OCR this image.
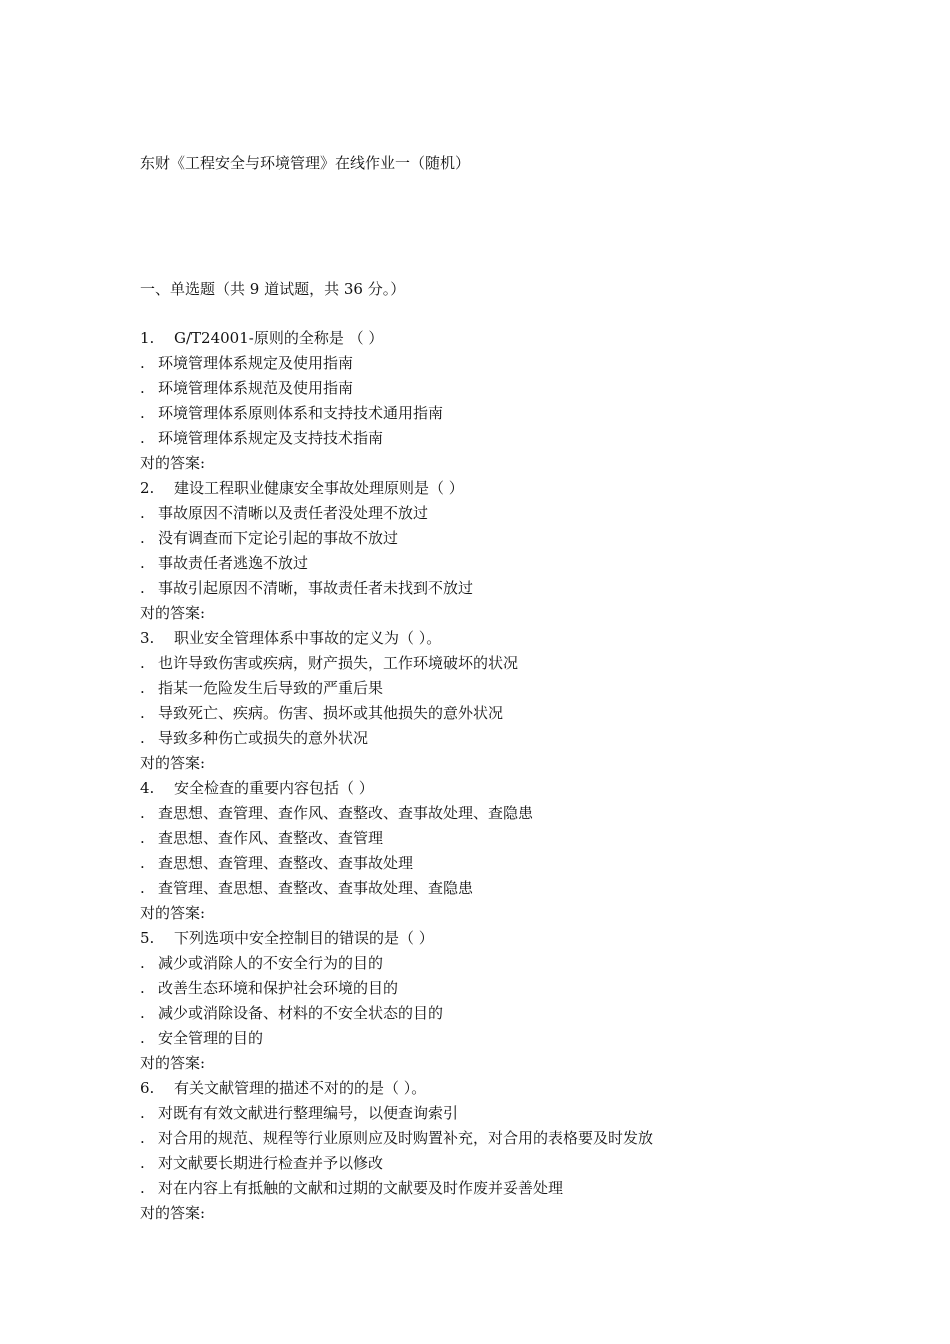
东财《工程安全与环境管理》在线作业一（随机）
一、单选题（共 9 道试题，共 36 分。）
1. G/T24001-原则的全称是 （ ）
. 环境管理体系规定及使用指南
. 环境管理体系规范及使用指南
. 环境管理体系原则体系和支持技术通用指南
. 环境管理体系规定及支持技术指南
对的答案:
2. 建设工程职业健康安全事故处理原则是（ ）
. 事故原因不清晰以及责任者没处理不放过
. 没有调查而下定论引起的事故不放过
. 事故责任者逃逸不放过
. 事故引起原因不清晰，事故责任者未找到不放过
对的答案:
3. 职业安全管理体系中事故的定义为（ ）。
. 也许导致伤害或疾病，财产损失，工作环境破坏的状况
. 指某一危险发生后导致的严重后果
. 导致死亡、疾病。伤害、损坏或其他损失的意外状况
. 导致多种伤亡或损失的意外状况
对的答案:
4. 安全检查的重要内容包括（ ）
. 查思想、查管理、查作风、查整改、查事故处理、查隐患
. 查思想、查作风、查整改、查管理
. 查思想、查管理、查整改、查事故处理
. 查管理、查思想、查整改、查事故处理、查隐患
对的答案:
5. 下列选项中安全控制目的错误的是（ ）
. 减少或消除人的不安全行为的目的
. 改善生态环境和保护社会环境的目的
. 减少或消除设备、材料的不安全状态的目的
. 安全管理的目的
对的答案:
6. 有关文献管理的描述不对的的是（ ）。
. 对既有有效文献进行整理编号，以便查询索引
. 对合用的规范、规程等行业原则应及时购置补充，对合用的表格要及时发放
. 对文献要长期进行检查并予以修改
. 对在内容上有抵触的文献和过期的文献要及时作废并妥善处理
对的答案:
